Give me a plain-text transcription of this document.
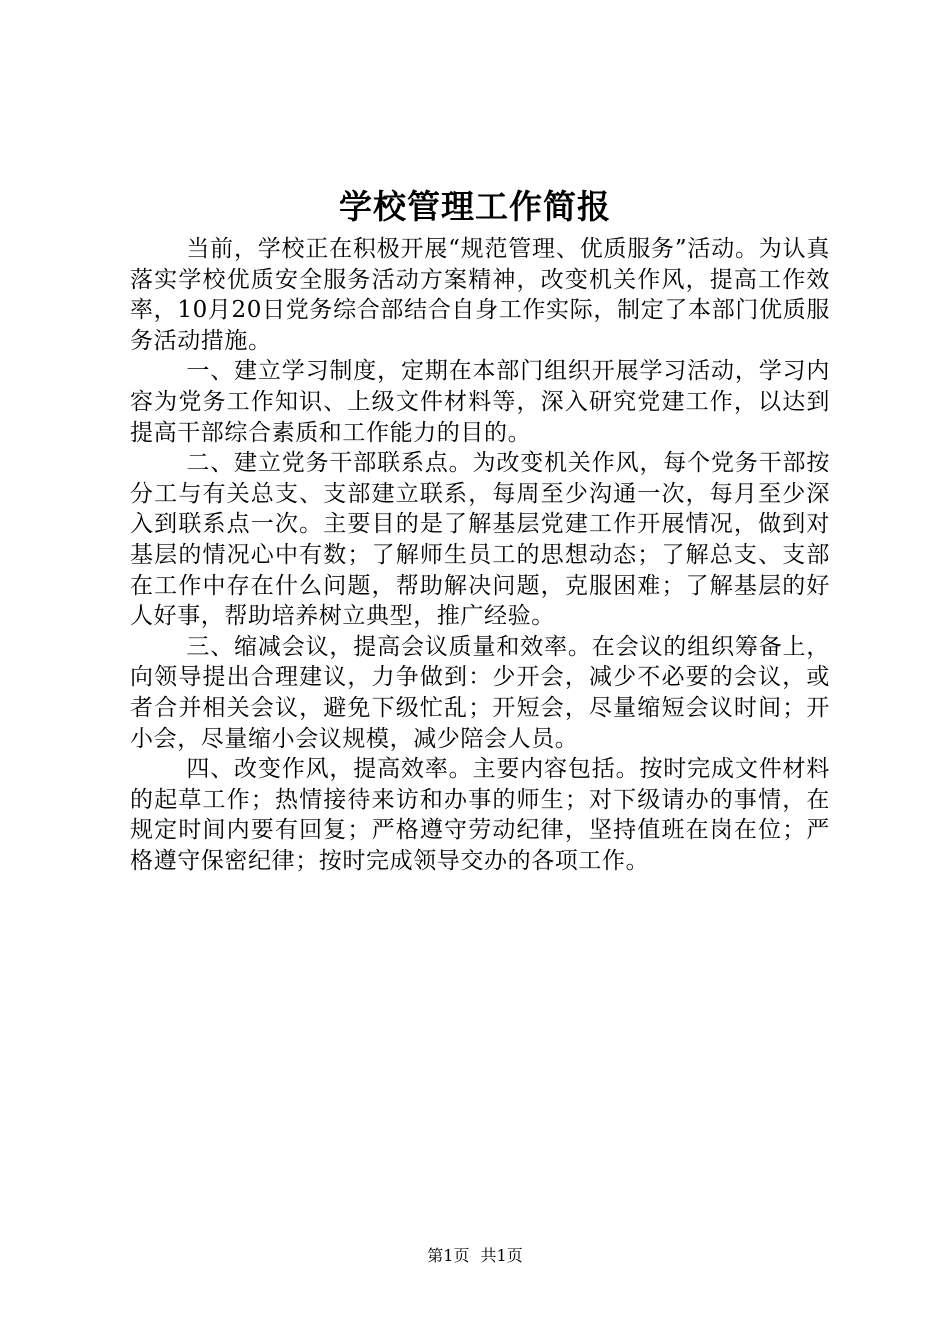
学校管理工作简报

当前，学校正在积极开展“规范管理、优质服务”活动。为认真落实学校优质安全服务活动方案精神，改变机关作风，提高工作效率，10月20日党务综合部结合自身工作实际，制定了本部门优质服务活动措施。

一、建立学习制度，定期在本部门组织开展学习活动，学习内容为党务工作知识、上级文件材料等，深入研究党建工作，以达到提高干部综合素质和工作能力的目的。

二、建立党务干部联系点。为改变机关作风，每个党务干部按分工与有关总支、支部建立联系，每周至少沟通一次，每月至少深入到联系点一次。主要目的是了解基层党建工作开展情况，做到对基层的情况心中有数；了解师生员工的思想动态；了解总支、支部在工作中存在什么问题，帮助解决问题，克服困难；了解基层的好人好事，帮助培养树立典型，推广经验。

三、缩减会议，提高会议质量和效率。在会议的组织筹备上，向领导提出合理建议，力争做到：少开会，减少不必要的会议，或者合并相关会议，避免下级忙乱；开短会，尽量缩短会议时间；开小会，尽量缩小会议规模，减少陪会人员。

四、改变作风，提高效率。主要内容包括。按时完成文件材料的起草工作；热情接待来访和办事的师生；对下级请办的事情，在规定时间内要有回复；严格遵守劳动纪律，坚持值班在岗在位；严格遵守保密纪律；按时完成领导交办的各项工作。

第1页 共1页
